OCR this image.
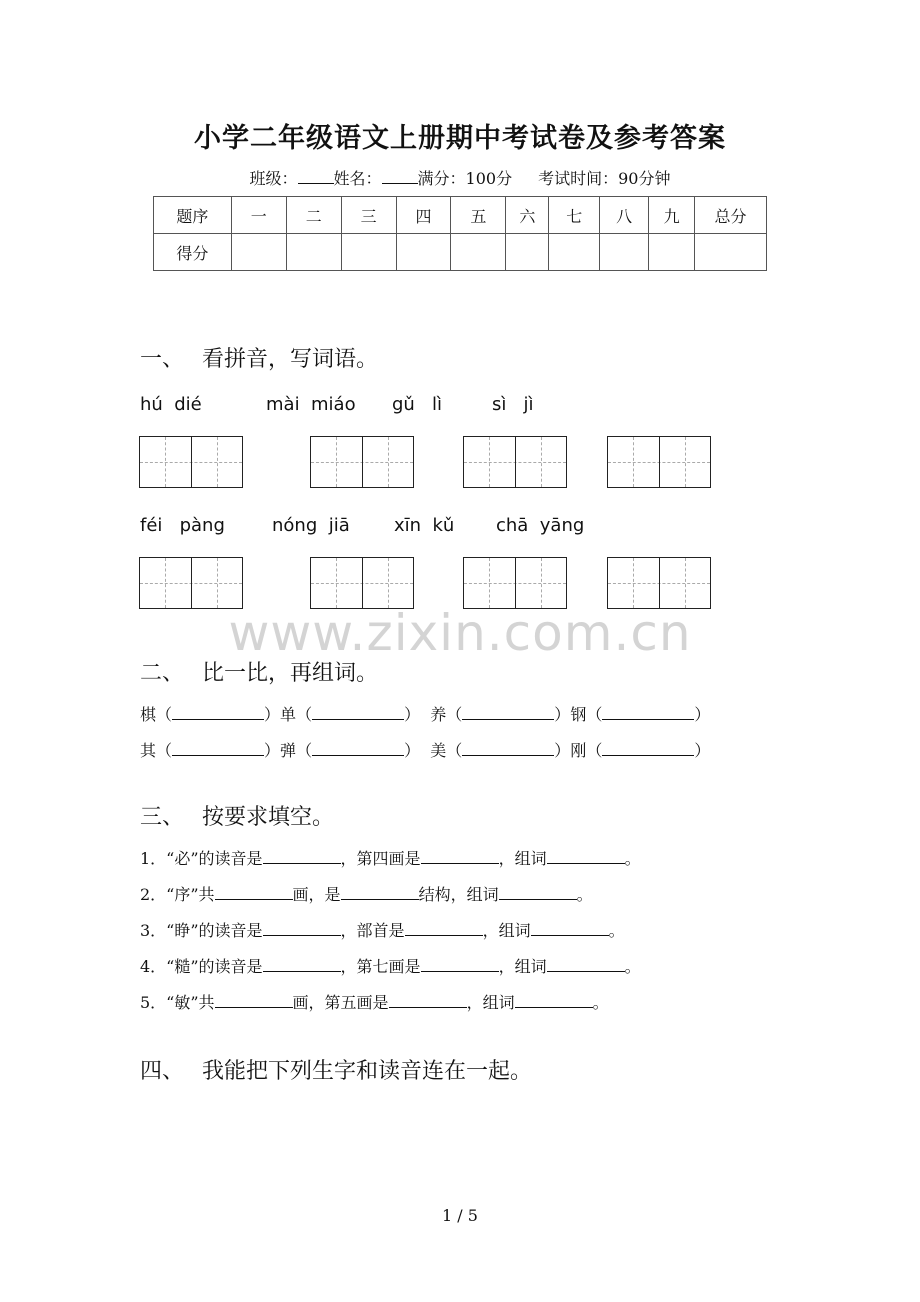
小学二年级语文上册期中考试卷及参考答案
班级： 姓名： 满分：100分 考试时间：90分钟
题序	一	二	三	四	五	六	七	八	九	总分
得分										
一、 看拼音，写词语。
hú  dié	mài  miáo gǔ   lì	sì   jì
féi   pàng	nóng  jiā xīn  kǔ chā  yāng
www.zixin.com.cn
二、 比一比，再组词。
棋（	）单（	）  养（	）钢（	）
其（	）弹（	）  美（	）刚（	）
三、 按要求填空。
1．“必”的读音是	，第四画是	，组词	。
2．“序”共	画，是	结构，组词	。
3．“睁”的读音是	，部首是	，组词	。
4．“糙”的读音是	，第七画是	，组词	。
5．“敏”共	画，第五画是	，组词	。
四、 我能把下列生字和读音连在一起。
1 / 5
